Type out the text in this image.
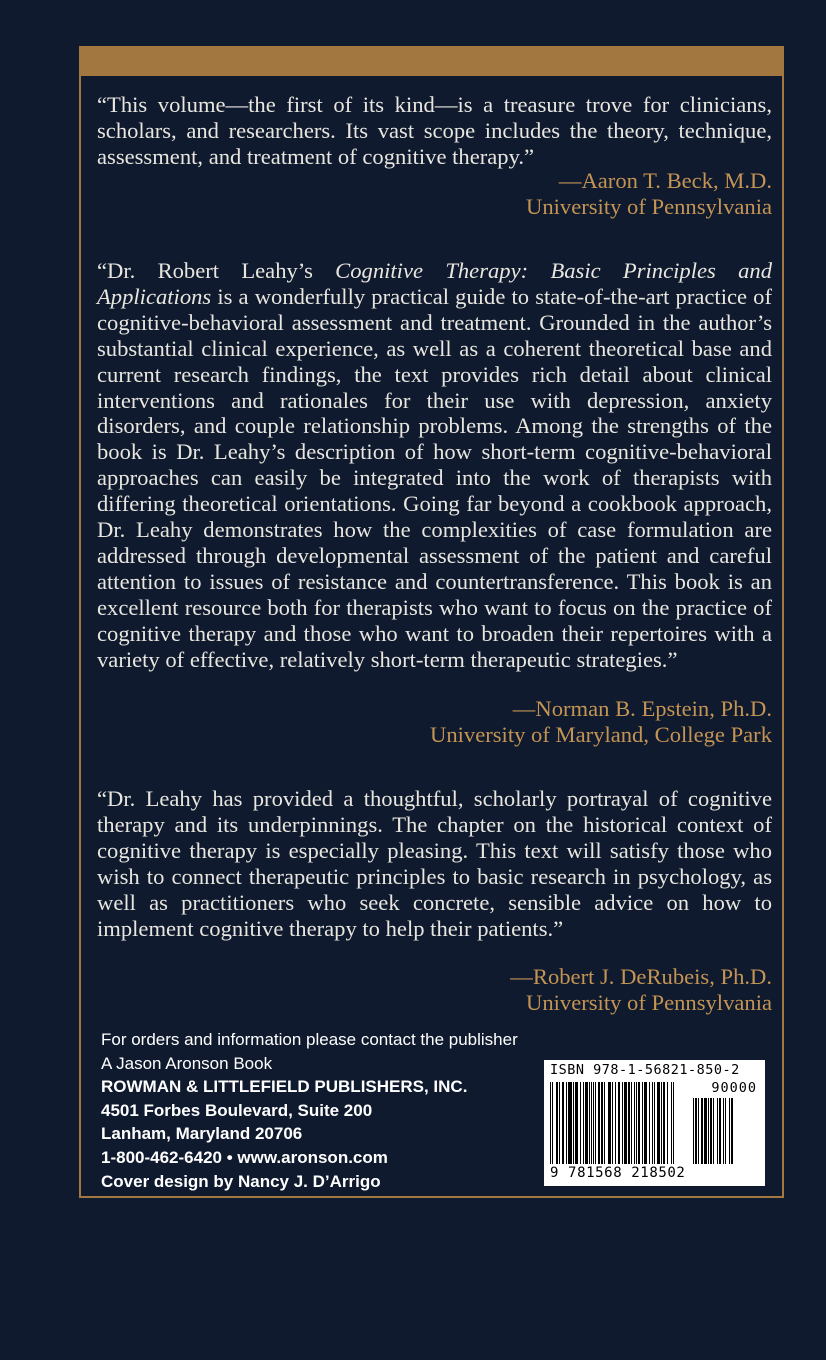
“This volume—the first of its kind—is a treasure trove for clinicians, scholars, and researchers. Its vast scope includes the theory, technique, assessment, and treatment of cognitive therapy.”
—Aaron T. Beck, M.D.
University of Pennsylvania
“Dr. Robert Leahy’s Cognitive Therapy: Basic Principles and Applications is a wonderfully practical guide to state-of-the-art practice of cognitive-behavioral assessment and treatment. Grounded in the author’s substantial clinical experience, as well as a coherent theoretical base and current research findings, the text provides rich detail about clinical interventions and rationales for their use with depression, anxiety disorders, and couple relationship problems. Among the strengths of the book is Dr. Leahy’s description of how short-term cognitive-behavioral approaches can easily be integrated into the work of therapists with differing theoretical orientations. Going far beyond a cookbook approach, Dr. Leahy demonstrates how the complexities of case formulation are addressed through developmental assessment of the patient and careful attention to issues of resistance and countertransference. This book is an excellent resource both for therapists who want to focus on the practice of cognitive therapy and those who want to broaden their repertoires with a variety of effective, relatively short-term therapeutic strategies.”
—Norman B. Epstein, Ph.D.
University of Maryland, College Park
“Dr. Leahy has provided a thoughtful, scholarly portrayal of cognitive therapy and its underpinnings. The chapter on the historical context of cognitive therapy is especially pleasing. This text will satisfy those who wish to connect therapeutic principles to basic research in psychology, as well as practitioners who seek concrete, sensible advice on how to implement cognitive therapy to help their patients.”
—Robert J. DeRubeis, Ph.D.
University of Pennsylvania
For orders and information please contact the publisher
A Jason Aronson Book
ROWMAN & LITTLEFIELD PUBLISHERS, INC.
4501 Forbes Boulevard, Suite 200
Lanham, Maryland 20706
1-800-462-6420 • www.aronson.com
Cover design by Nancy J. D’Arrigo
ISBN 978-1-56821-850-2
90000
9 781568 218502
